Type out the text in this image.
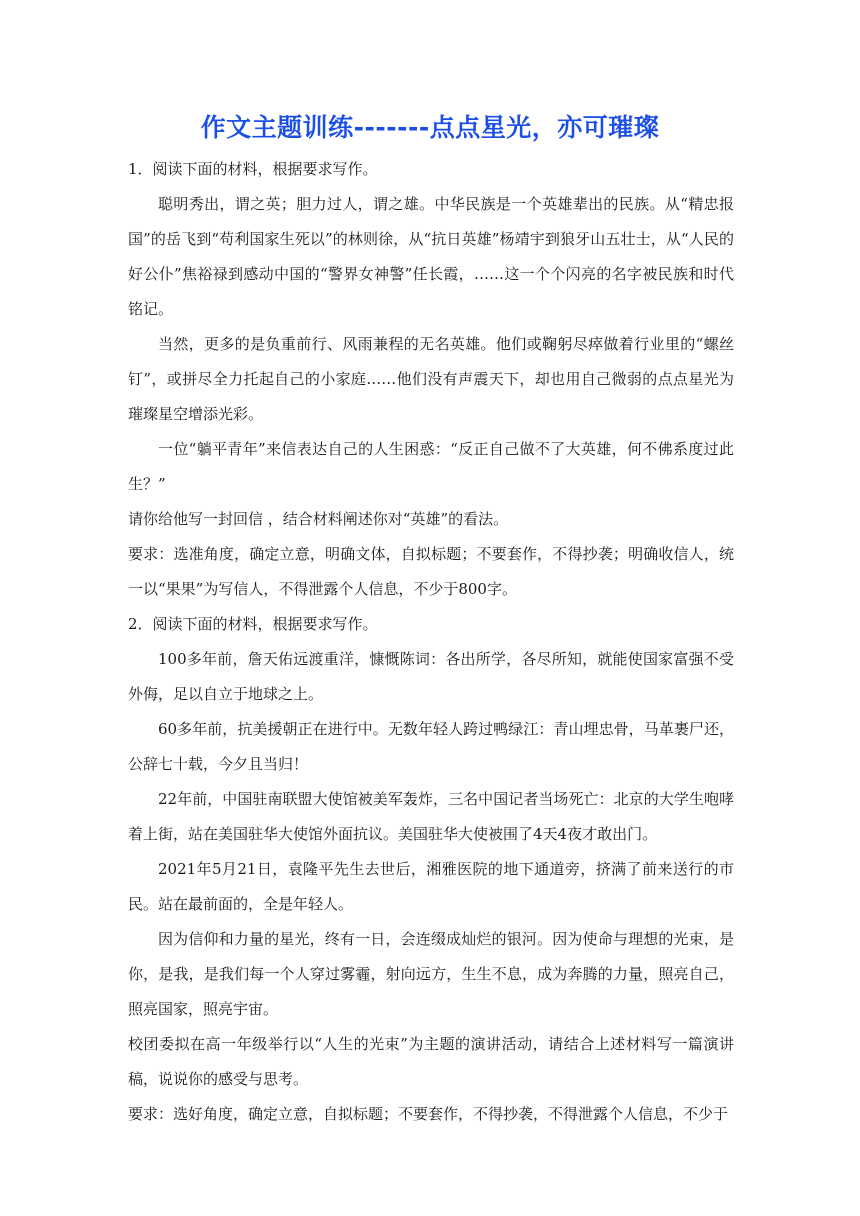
作文主题训练-------点点星光，亦可璀璨

1．阅读下面的材料，根据要求写作。

聪明秀出，谓之英；胆力过人，谓之雄。中华民族是一个英雄辈出的民族。从“精忠报国”的岳飞到“苟利国家生死以”的林则徐，从“抗日英雄”杨靖宇到狼牙山五壮士，从“人民的好公仆”焦裕禄到感动中国的“警界女神警”任长霞，……这一个个闪亮的名字被民族和时代铭记。

当然，更多的是负重前行、风雨兼程的无名英雄。他们或鞠躬尽瘁做着行业里的“螺丝钉”，或拼尽全力托起自己的小家庭……他们没有声震天下，却也用自己微弱的点点星光为璀璨星空增添光彩。

一位“躺平青年”来信表达自己的人生困惑：“反正自己做不了大英雄，何不佛系度过此生？”

请你给他写一封回信 ，结合材料阐述你对“英雄”的看法。

要求：选准角度，确定立意，明确文体，自拟标题；不要套作，不得抄袭；明确收信人，统一以“果果”为写信人，不得泄露个人信息，不少于800字。

2．阅读下面的材料，根据要求写作。

100多年前，詹天佑远渡重洋，慷慨陈词：各出所学，各尽所知，就能使国家富强不受外侮，足以自立于地球之上。

60多年前，抗美援朝正在进行中。无数年轻人跨过鸭绿江：青山埋忠骨，马革裹尸还，公辞七十载，今夕且当归！

22年前，中国驻南联盟大使馆被美军轰炸，三名中国记者当场死亡：北京的大学生咆哮着上街，站在美国驻华大使馆外面抗议。美国驻华大使被围了4天4夜才敢出门。

2021年5月21日，袁隆平先生去世后，湘雅医院的地下通道旁，挤满了前来送行的市民。站在最前面的，全是年轻人。

因为信仰和力量的星光，终有一日，会连缀成灿烂的银河。因为使命与理想的光束，是你，是我，是我们每一个人穿过雾霾，射向远方，生生不息，成为奔腾的力量，照亮自己，照亮国家，照亮宇宙。

校团委拟在高一年级举行以“人生的光束”为主题的演讲活动，请结合上述材料写一篇演讲稿，说说你的感受与思考。

要求：选好角度，确定立意，自拟标题；不要套作，不得抄袭，不得泄露个人信息，不少于
